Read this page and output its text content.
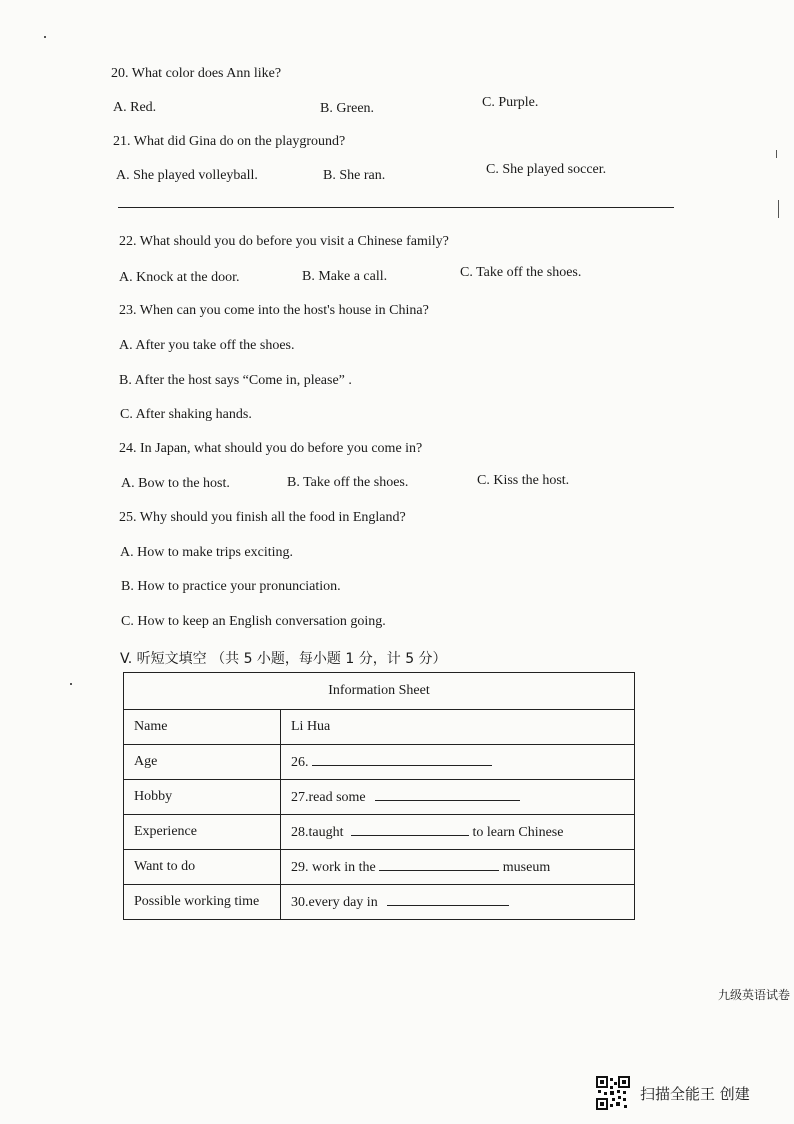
20. What color does Ann like?
A. Red.	B. Green.	C. Purple.
21. What did Gina do on the playground?
A. She played volleyball.	B. She ran.	C. She played soccer.
22. What should you do before you visit a Chinese family?
A. Knock at the door.	B. Make a call.	C. Take off the shoes.
23. When can you come into the host's house in China?
A. After you take off the shoes.
B. After the host says “Come in, please” .
C. After shaking hands.
24. In Japan, what should you do before you come in?
A. Bow to the host.	B. Take off the shoes.	C. Kiss the host.
25. Why should you finish all the food in England?
A. How to make trips exciting.
B. How to practice your pronunciation.
C. How to keep an English conversation going.
V. 听短文填空 （共 5 小题，每小题 1 分，计 5 分）
Information Sheet	
Name	Li Hua
Age	26.
Hobby	27.read some
Experience	28.taught to learn Chinese
Want to do	29. work in the museum
Possible working time	30.every day in
九级英语试卷
扫描全能王 创建
